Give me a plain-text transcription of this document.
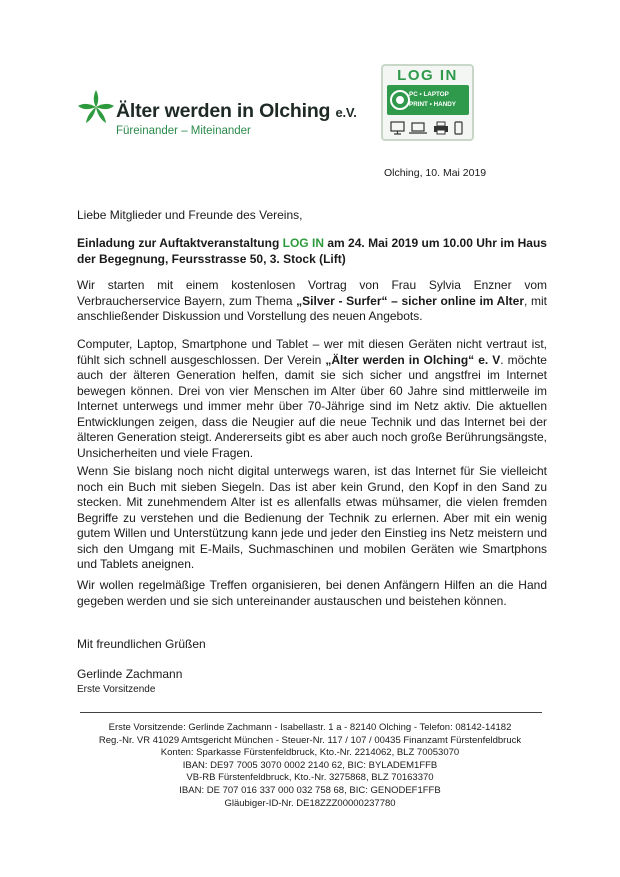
Älter werden in Olching e.V.
Füreinander – Miteinander
LOG IN
PC • LAPTOP
PRINT • HANDY
Olching, 10. Mai 2019

Liebe Mitglieder und Freunde des Vereins,

Einladung zur Auftaktveranstaltung LOG IN am 24. Mai 2019 um 10.00 Uhr im Haus der Begegnung, Feursstrasse 50, 3. Stock (Lift)

Wir starten mit einem kostenlosen Vortrag von Frau Sylvia Enzner vom Verbraucherservice Bayern, zum Thema „Silver - Surfer“ – sicher online im Alter, mit anschließender Diskussion und Vorstellung des neuen Angebots.

Computer, Laptop, Smartphone und Tablet – wer mit diesen Geräten nicht vertraut ist, fühlt sich schnell ausgeschlossen. Der Verein „Älter werden in Olching“ e. V. möchte auch der älteren Generation helfen, damit sie sich sicher und angstfrei im Internet bewegen können. Drei von vier Menschen im Alter über 60 Jahre sind mittlerweile im Internet unterwegs und immer mehr über 70-Jährige sind im Netz aktiv. Die aktuellen Entwicklungen zeigen, dass die Neugier auf die neue Technik und das Internet bei der älteren Generation steigt. Andererseits gibt es aber auch noch große Berührungsängste, Unsicherheiten und viele Fragen.

Wenn Sie bislang noch nicht digital unterwegs waren, ist das Internet für Sie vielleicht noch ein Buch mit sieben Siegeln. Das ist aber kein Grund, den Kopf in den Sand zu stecken. Mit zunehmendem Alter ist es allenfalls etwas mühsamer, die vielen fremden Begriffe zu verstehen und die Bedienung der Technik zu erlernen. Aber mit ein wenig gutem Willen und Unterstützung kann jede und jeder den Einstieg ins Netz meistern und sich den Umgang mit E-Mails, Suchmaschinen und mobilen Geräten wie Smartphons und Tablets aneignen.

Wir wollen regelmäßige Treffen organisieren, bei denen Anfängern Hilfen an die Hand gegeben werden und sie sich untereinander austauschen und beistehen können.

Mit freundlichen Grüßen

Gerlinde Zachmann

Erste Vorsitzende

Erste Vorsitzende: Gerlinde Zachmann - Isabellastr. 1 a - 82140 Olching - Telefon: 08142-14182
Reg.-Nr. VR 41029 Amtsgericht München - Steuer-Nr. 117 / 107 / 00435 Finanzamt Fürstenfeldbruck
Konten: Sparkasse Fürstenfeldbruck, Kto.-Nr. 2214062, BLZ 70053070
IBAN: DE97 7005 3070 0002 2140 62, BIC: BYLADEM1FFB
VB-RB Fürstenfeldbruck, Kto.-Nr. 3275868, BLZ 70163370
IBAN: DE 707 016 337 000 032 758 68, BIC: GENODEF1FFB
Gläubiger-ID-Nr. DE18ZZZ00000237780
